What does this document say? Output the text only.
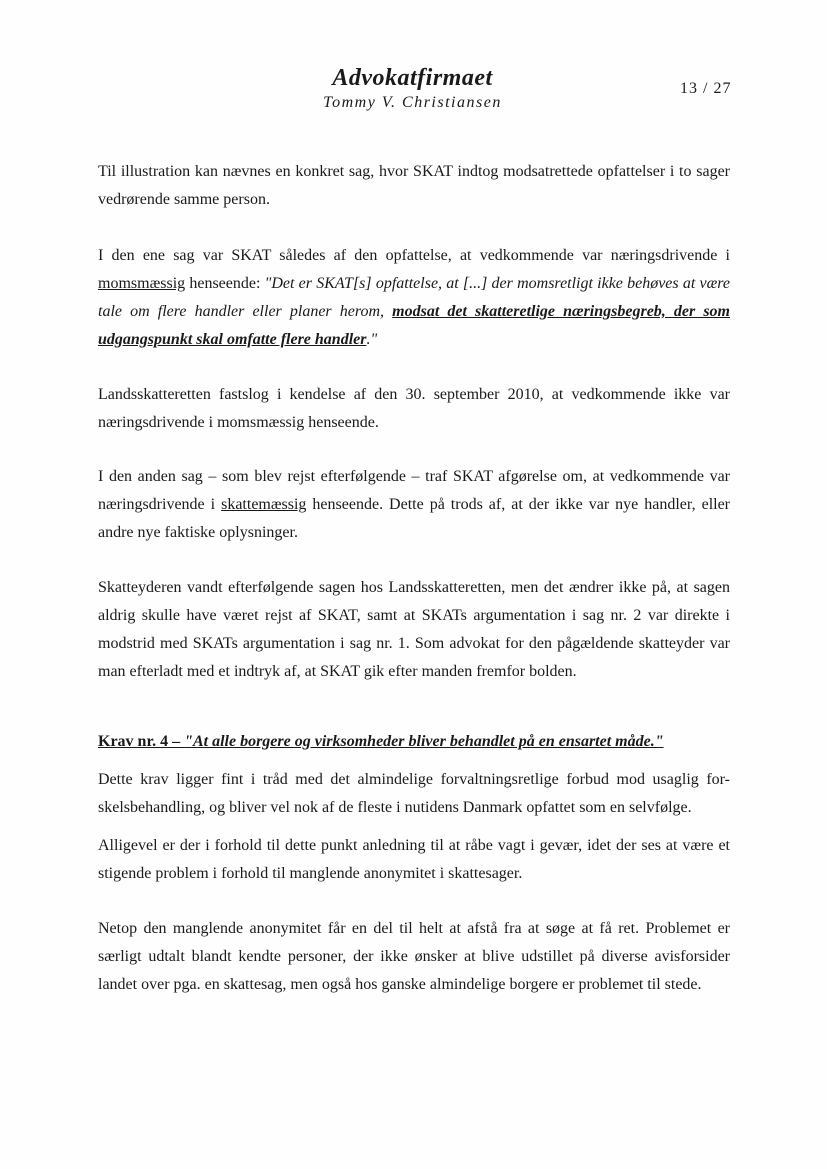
Advokatfirmaet
Tommy V. Christiansen
13 / 27

Til illustration kan nævnes en konkret sag, hvor SKAT indtog modsatrettede opfattelser i to sager vedrørende samme person.

I den ene sag var SKAT således af den opfattelse, at vedkommende var næringsdrivende i momsmæssig henseende: "Det er SKAT[s] opfattelse, at [...] der momsretligt ikke behøves at være tale om flere handler eller planer herom, modsat det skatteretlige næringsbegreb, der som udgangspunkt skal omfatte flere handler."

Landsskatteretten fastslog i kendelse af den 30. september 2010, at vedkommende ikke var næringsdrivende i momsmæssig henseende.

I den anden sag – som blev rejst efterfølgende – traf SKAT afgørelse om, at vedkommende var næringsdrivende i skattemæssig henseende. Dette på trods af, at der ikke var nye handler, eller andre nye faktiske oplysninger.

Skatteyderen vandt efterfølgende sagen hos Landsskatteretten, men det ændrer ikke på, at sagen aldrig skulle have været rejst af SKAT, samt at SKATs argumentation i sag nr. 2 var direkte i modstrid med SKATs argumentation i sag nr. 1. Som advokat for den pågældende skatteyder var man efterladt med et indtryk af, at SKAT gik efter manden fremfor bolden.

Krav nr. 4 – "At alle borgere og virksomheder bliver behandlet på en ensartet måde."

Dette krav ligger fint i tråd med det almindelige forvaltningsretlige forbud mod usaglig for-skelsbehandling, og bliver vel nok af de fleste i nutidens Danmark opfattet som en selvfølge.

Alligevel er der i forhold til dette punkt anledning til at råbe vagt i gevær, idet der ses at være et stigende problem i forhold til manglende anonymitet i skattesager.

Netop den manglende anonymitet får en del til helt at afstå fra at søge at få ret. Problemet er særligt udtalt blandt kendte personer, der ikke ønsker at blive udstillet på diverse avisforsider landet over pga. en skattesag, men også hos ganske almindelige borgere er problemet til stede.
